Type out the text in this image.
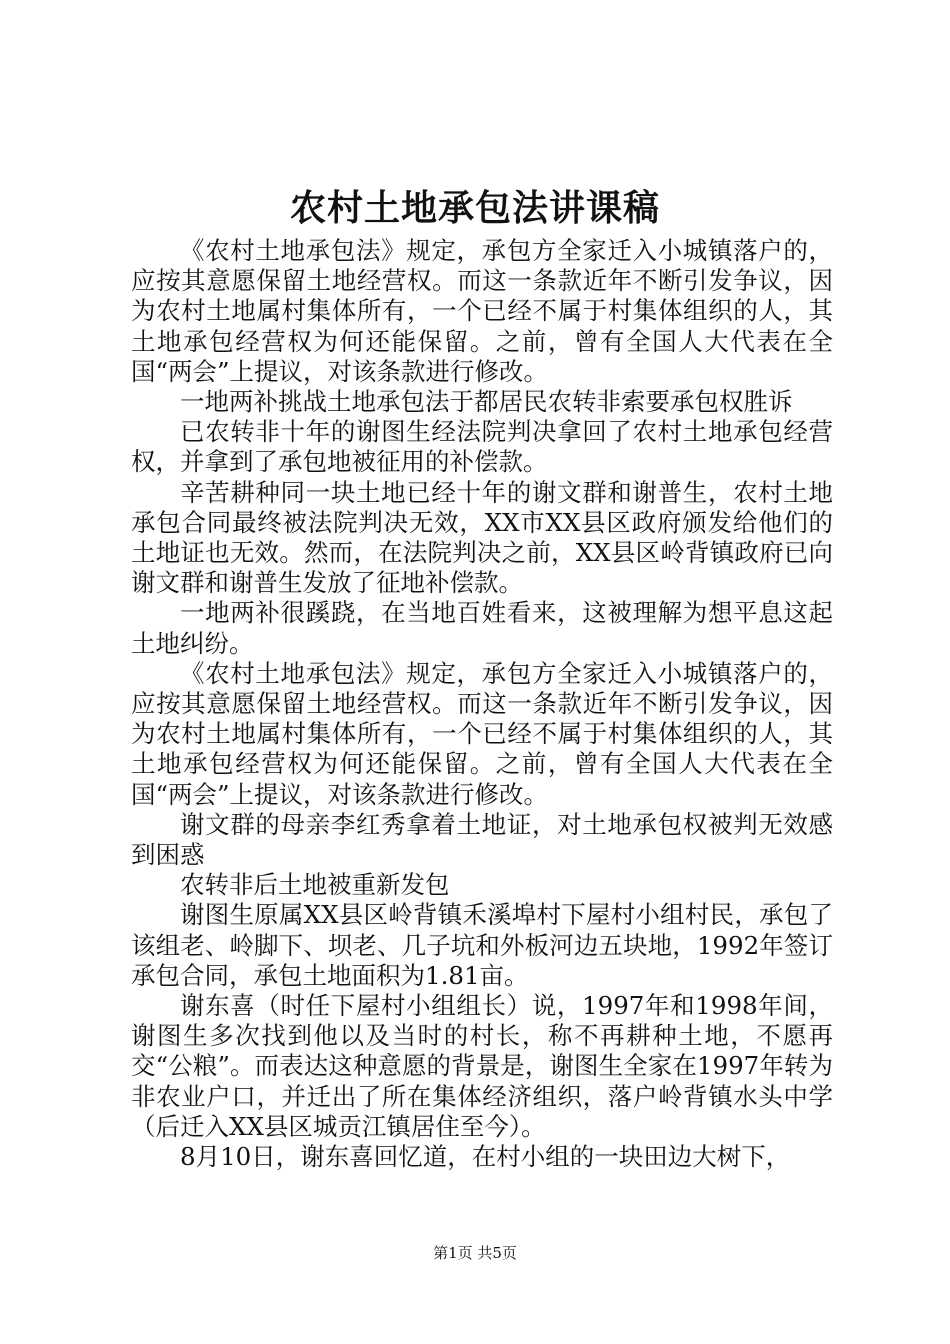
农村土地承包法讲课稿

《农村土地承包法》规定，承包方全家迁入小城镇落户的，应按其意愿保留土地经营权。而这一条款近年不断引发争议，因为农村土地属村集体所有，一个已经不属于村集体组织的人，其土地承包经营权为何还能保留。之前，曾有全国人大代表在全国“两会”上提议，对该条款进行修改。

一地两补挑战土地承包法于都居民农转非索要承包权胜诉

已农转非十年的谢图生经法院判决拿回了农村土地承包经营权，并拿到了承包地被征用的补偿款。

辛苦耕种同一块土地已经十年的谢文群和谢普生，农村土地承包合同最终被法院判决无效，XX市XX县区政府颁发给他们的土地证也无效。然而，在法院判决之前，XX县区岭背镇政府已向谢文群和谢普生发放了征地补偿款。

一地两补很蹊跷，在当地百姓看来，这被理解为想平息这起土地纠纷。

《农村土地承包法》规定，承包方全家迁入小城镇落户的，应按其意愿保留土地经营权。而这一条款近年不断引发争议，因为农村土地属村集体所有，一个已经不属于村集体组织的人，其土地承包经营权为何还能保留。之前，曾有全国人大代表在全国“两会”上提议，对该条款进行修改。

谢文群的母亲李红秀拿着土地证，对土地承包权被判无效感到困惑

农转非后土地被重新发包

谢图生原属XX县区岭背镇禾溪埠村下屋村小组村民，承包了该组老、岭脚下、坝老、几子坑和外板河边五块地，1992年签订承包合同，承包土地面积为1.81亩。

谢东喜（时任下屋村小组组长）说，1997年和1998年间，谢图生多次找到他以及当时的村长，称不再耕种土地，不愿再交“公粮”。而表达这种意愿的背景是，谢图生全家在1997年转为非农业户口，并迁出了所在集体经济组织，落户岭背镇水头中学（后迁入XX县区城贡江镇居住至今）。

8月10日，谢东喜回忆道，在村小组的一块田边大树下，

第1页 共5页
